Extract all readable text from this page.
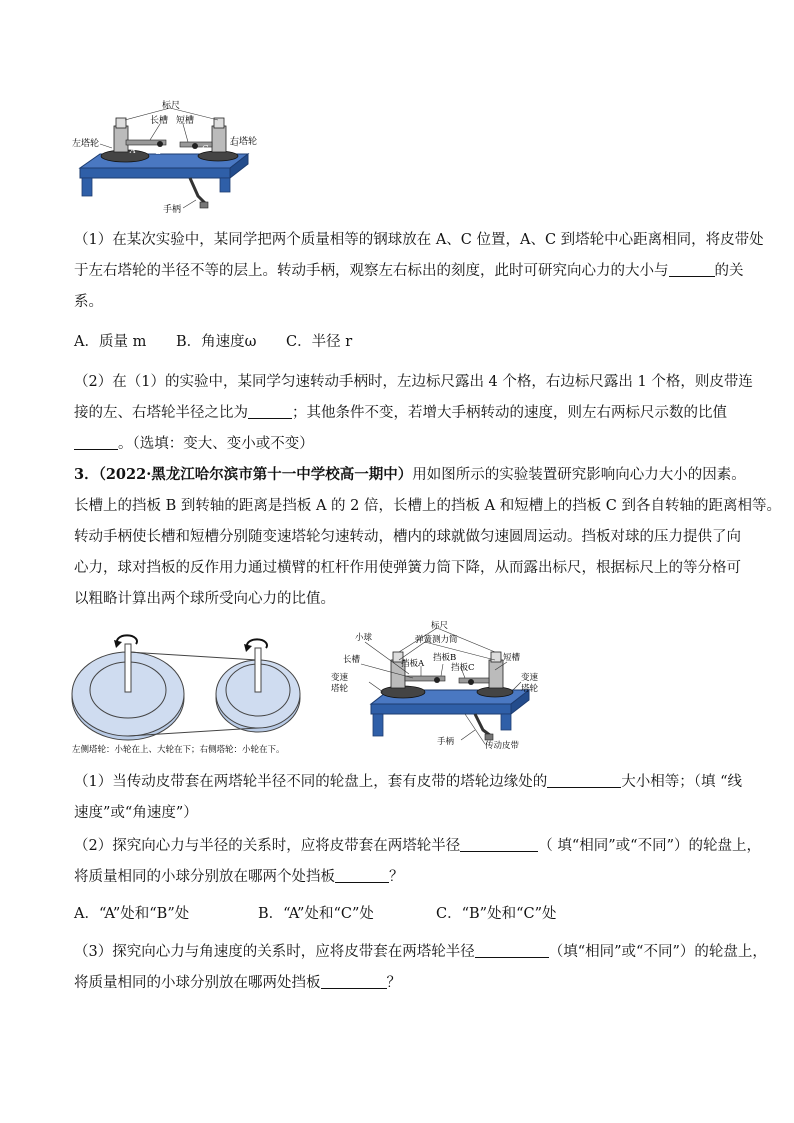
标尺
长槽 短槽
左塔轮	右塔轮
手柄
A	B	C

（1）在某次实验中，某同学把两个质量相等的钢球放在 A、C 位置，A、C 到塔轮中心距离相同，将皮带处

于左右塔轮的半径不等的层上。转动手柄，观察左右标出的刻度，此时可研究向心力的大小与	的关

系。

A．质量 m B．角速度ω C．半径 r

（2）在（1）的实验中，某同学匀速转动手柄时，左边标尺露出 4 个格，右边标尺露出 1 个格，则皮带连

接的左、右塔轮半径之比为	；其他条件不变，若增大手柄转动的速度，则左右两标尺示数的比值

。（选填：变大、变小或不变）

3．（2022·黑龙江哈尔滨市第十一中学校高一期中）用如图所示的实验装置研究影响向心力大小的因素。

长槽上的挡板 B 到转轴的距离是挡板 A 的 2 倍，长槽上的挡板 A 和短槽上的挡板 C 到各自转轴的距离相等。

转动手柄使长槽和短槽分别随变速塔轮匀速转动，槽内的球就做匀速圆周运动。挡板对球的压力提供了向

心力，球对挡板的反作用力通过横臂的杠杆作用使弹簧力筒下降，从而露出标尺，根据标尺上的等分格可

以粗略计算出两个球所受向心力的比值。

左侧塔轮：小轮在上、大轮在下；右侧塔轮：小轮在下。
标尺
小球	弹簧测力筒
长槽	挡板B
挡板A	挡板C
短槽
变速
塔轮
变速
塔轮
手柄	传动皮带

（1）当传动皮带套在两塔轮半径不同的轮盘上，套有皮带的塔轮边缘处的	大小相等；（填 “线

速度”或“角速度”）

（2）探究向心力与半径的关系时，应将皮带套在两塔轮半径	（ 填“相同”或“不同”）的轮盘上，

将质量相同的小球分别放在哪两个处挡板	？

A．“A”处和“B”处	B．“A”处和“C”处	C．“B”处和“C”处

（3）探究向心力与角速度的关系时，应将皮带套在两塔轮半径	（填“相同”或“不同”）的轮盘上，

将质量相同的小球分别放在哪两处挡板	？
